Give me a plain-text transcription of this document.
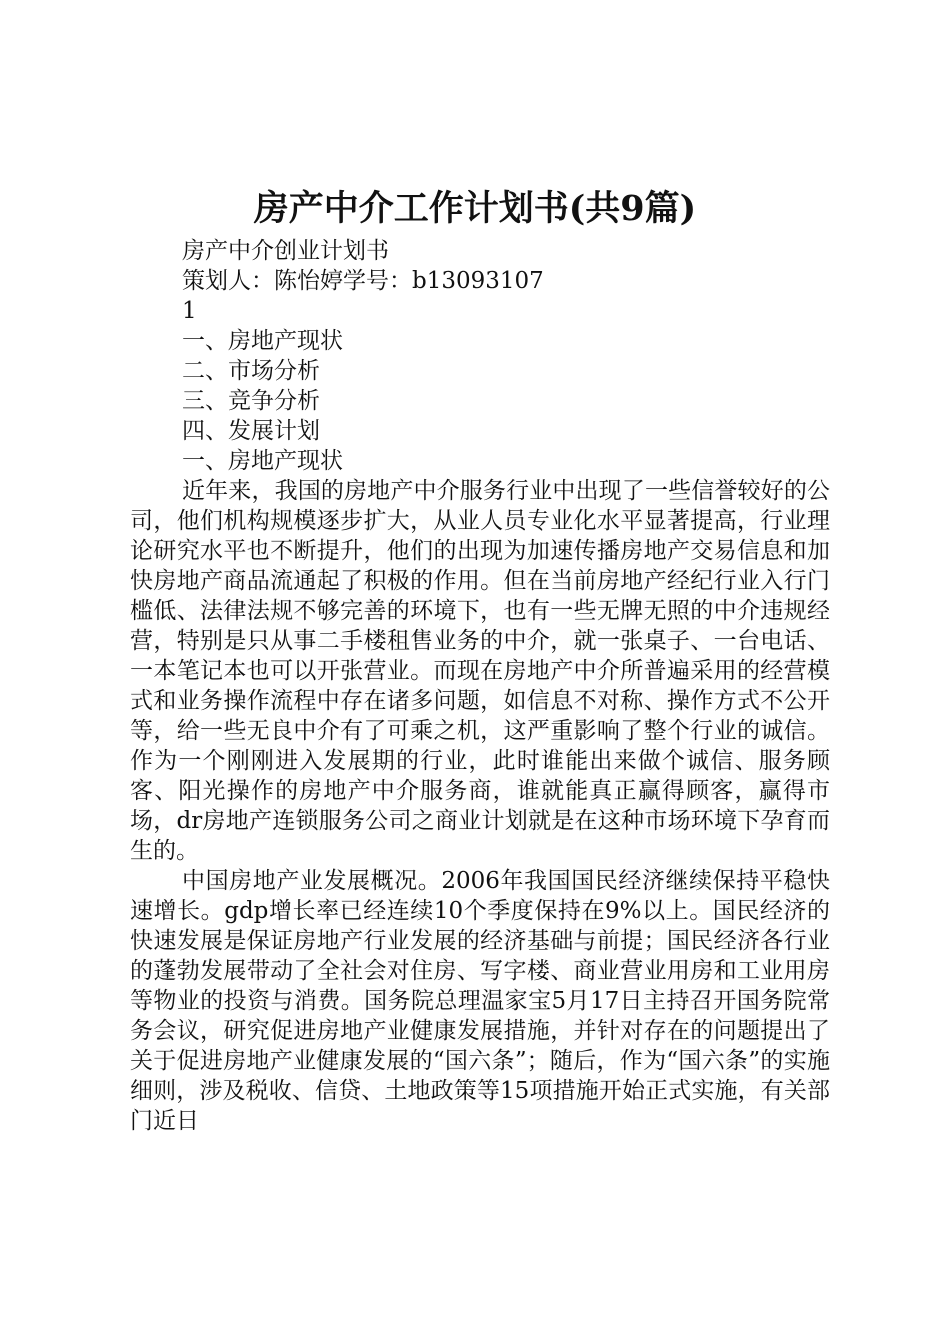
房产中介工作计划书(共9篇)
房产中介创业计划书
策划人：陈怡婷学号：b13093107
1
一、房地产现状
二、市场分析
三、竞争分析
四、发展计划
一、房地产现状

近年来，我国的房地产中介服务行业中出现了一些信誉较好的公司，他们机构规模逐步扩大，从业人员专业化水平显著提高，行业理论研究水平也不断提升，他们的出现为加速传播房地产交易信息和加快房地产商品流通起了积极的作用。但在当前房地产经纪行业入行门槛低、法律法规不够完善的环境下，也有一些无牌无照的中介违规经营，特别是只从事二手楼租售业务的中介，就一张桌子、一台电话、一本笔记本也可以开张营业。而现在房地产中介所普遍采用的经营模式和业务操作流程中存在诸多问题，如信息不对称、操作方式不公开等，给一些无良中介有了可乘之机，这严重影响了整个行业的诚信。作为一个刚刚进入发展期的行业，此时谁能出来做个诚信、服务顾客、阳光操作的房地产中介服务商，谁就能真正赢得顾客，赢得市场，dr房地产连锁服务公司之商业计划就是在这种市场环境下孕育而生的。

中国房地产业发展概况。2006年我国国民经济继续保持平稳快速增长。gdp增长率已经连续10个季度保持在9%以上。国民经济的快速发展是保证房地产行业发展的经济基础与前提；国民经济各行业的蓬勃发展带动了全社会对住房、写字楼、商业营业用房和工业用房等物业的投资与消费。国务院总理温家宝5月17日主持召开国务院常务会议，研究促进房地产业健康发展措施，并针对存在的问题提出了关于促进房地产业健康发展的“国六条”；随后，作为“国六条”的实施细则，涉及税收、信贷、土地政策等15项措施开始正式实施，有关部门近日
